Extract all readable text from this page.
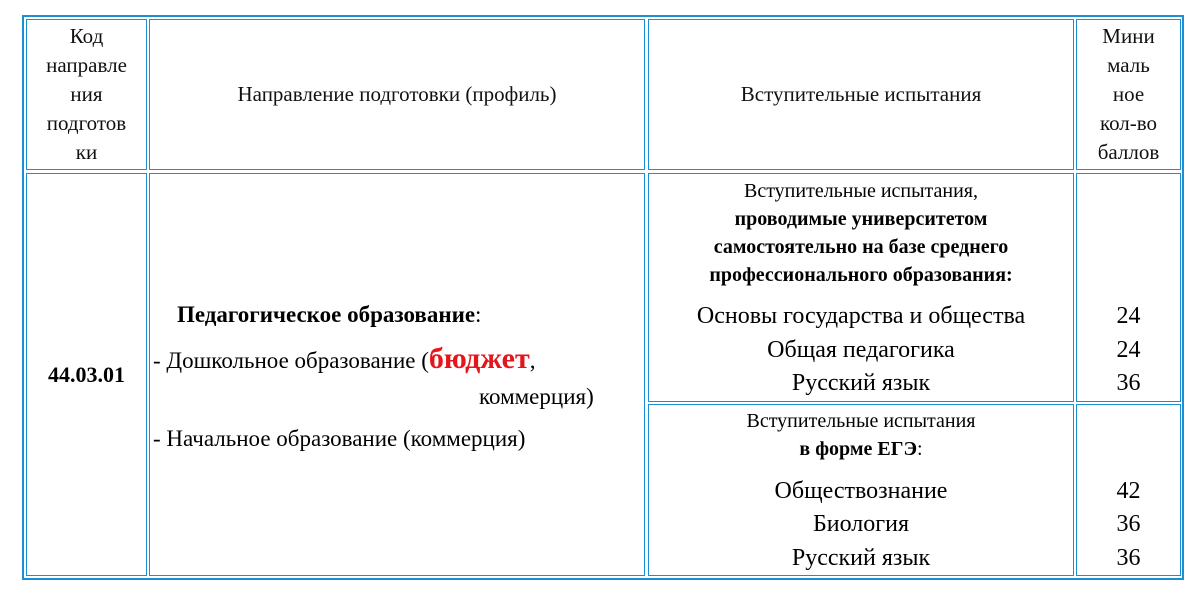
Код
направле
ния
подготов
ки
Направление подготовки (профиль)	Вступительные испытания
Мини
маль
ное
кол-во
баллов
44.03.01
Педагогическое образование:
- Дошкольное образование (бюджет,
коммерция)
- Начальное образование (коммерция)
Вступительные испытания,
проводимые университетом
самостоятельно на базе среднего
профессионального образования:
Основы государства и общества
Общая педагогика
Русский язык
24
24
36
Вступительные испытания
в форме ЕГЭ:
Обществознание
Биология
Русский язык
42
36
36
